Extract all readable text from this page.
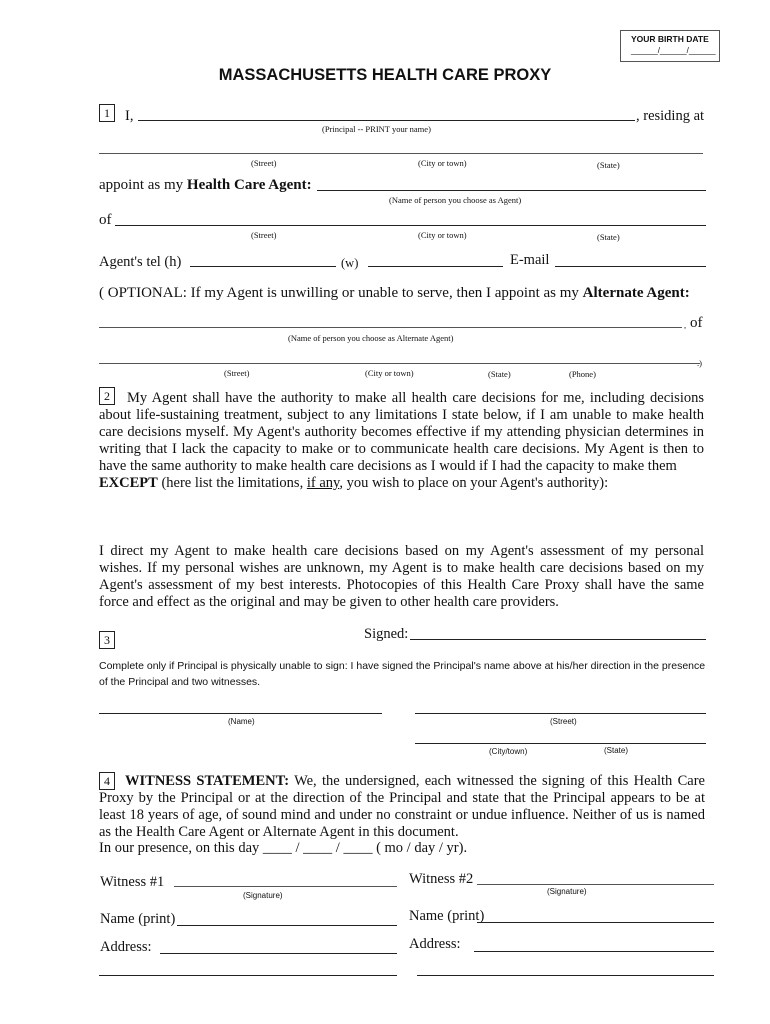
YOUR BIRTH DATE
______/______/______
MASSACHUSETTS HEALTH CARE PROXY
1	I,	, residing at
(Principal -- PRINT your name)
(Street)	(City or town)	(State)
appoint as my Health Care Agent:
(Name of person you choose as Agent)
of
(Street)	(City or town)	(State)
Agent's tel (h)	(w)	E-mail
( OPTIONAL: If my Agent is unwilling or unable to serve, then I appoint as my Alternate Agent:
, of
(Name of person you choose as Alternate Agent)
.)
(Street)	(City or town)	(State)	(Phone)
2	My Agent shall have the authority to make all health care decisions for me, including decisions about life-sustaining treatment, subject to any limitations I state below, if I am unable to make health care decisions myself. My Agent's authority becomes effective if my attending physician determines in writing that I lack the capacity to make or to communicate health care decisions. My Agent is then to have the same authority to make health care decisions as I would if I had the capacity to make them
EXCEPT (here list the limitations, if any, you wish to place on your Agent's authority):
I direct my Agent to make health care decisions based on my Agent's assessment of my personal wishes. If my personal wishes are unknown, my Agent is to make health care decisions based on my Agent's assessment of my best interests. Photocopies of this Health Care Proxy shall have the same force and effect as the original and may be given to other health care providers.
3	Signed:
Complete only if Principal is physically unable to sign: I have signed the Principal's name above at his/her direction in the presence of the Principal and two witnesses.
(Name)	(Street)
(City/town)	(State)
4	WITNESS STATEMENT: We, the undersigned, each witnessed the signing of this Health Care Proxy by the Principal or at the direction of the Principal and state that the Principal appears to be at least 18 years of age, of sound mind and under no constraint or undue influence. Neither of us is named as the Health Care Agent or Alternate Agent in this document.
In our presence, on this day ____ / ____ / ____ ( mo / day / yr).
Witness #1
(Signature)
Witness #2
(Signature)
Name (print)	Name (print)
Address:	Address:
